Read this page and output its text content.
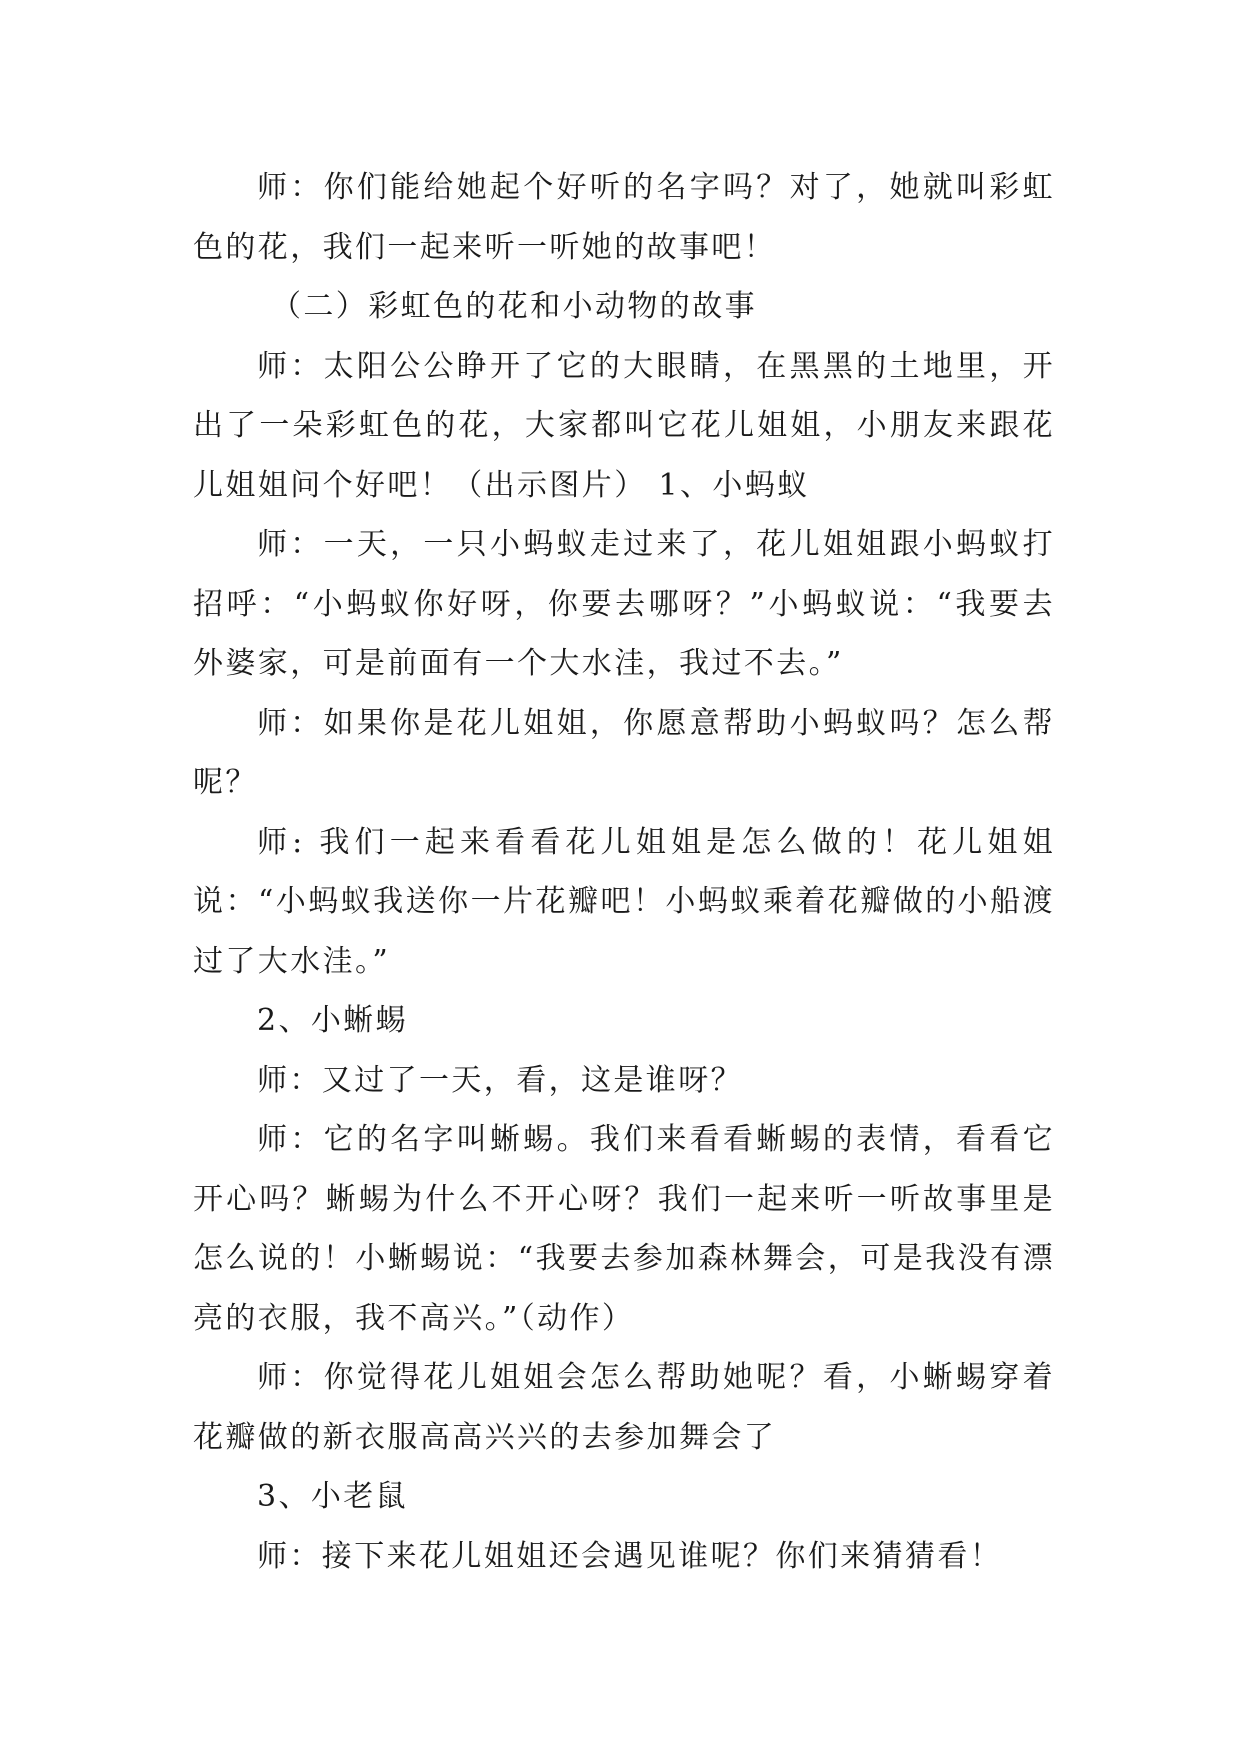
师：你们能给她起个好听的名字吗？对了，她就叫彩虹色的花，我们一起来听一听她的故事吧！

（二）彩虹色的花和小动物的故事

师：太阳公公睁开了它的大眼睛，在黑黑的土地里，开出了一朵彩虹色的花，大家都叫它花儿姐姐，小朋友来跟花儿姐姐问个好吧！（出示图片） 1、小蚂蚁

师：一天，一只小蚂蚁走过来了，花儿姐姐跟小蚂蚁打招呼：“小蚂蚁你好呀，你要去哪呀？”小蚂蚁说：“我要去外婆家，可是前面有一个大水洼，我过不去。”

师：如果你是花儿姐姐，你愿意帮助小蚂蚁吗？怎么帮呢？

师: 我们一起来看看花儿姐姐是怎么做的！花儿姐姐说：“小蚂蚁我送你一片花瓣吧！小蚂蚁乘着花瓣做的小船渡过了大水洼。”

2、小蜥蜴

师：又过了一天，看，这是谁呀？

师：它的名字叫蜥蜴。我们来看看蜥蜴的表情，看看它开心吗？蜥蜴为什么不开心呀？我们一起来听一听故事里是怎么说的！小蜥蜴说：“我要去参加森林舞会，可是我没有漂亮的衣服，我不高兴。”（动作）

师：你觉得花儿姐姐会怎么帮助她呢？看，小蜥蜴穿着花瓣做的新衣服高高兴兴的去参加舞会了

3、小老鼠

师：接下来花儿姐姐还会遇见谁呢？你们来猜猜看！
